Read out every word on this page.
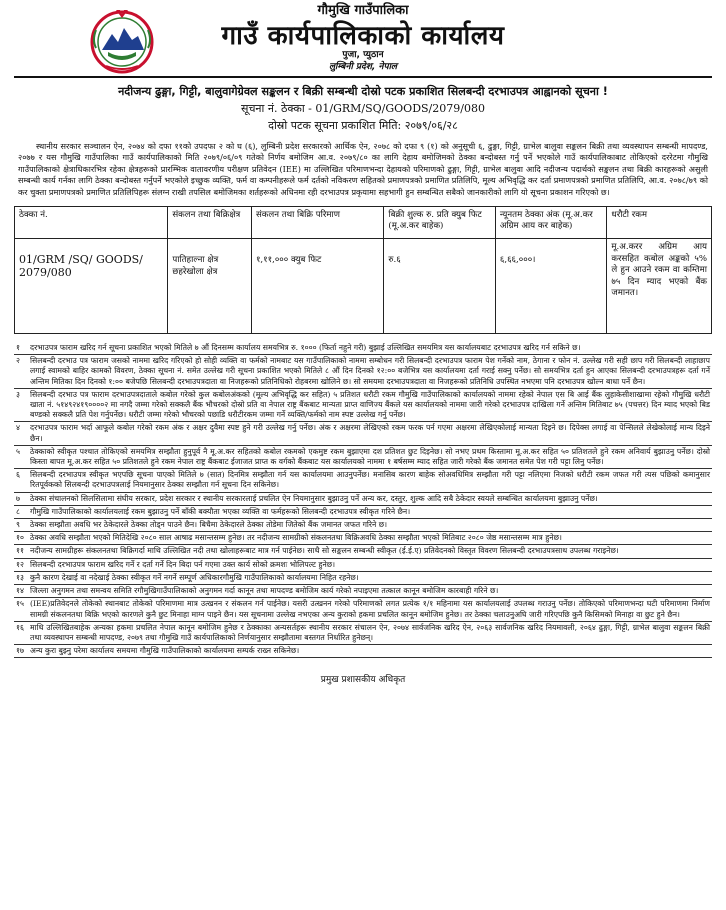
गौमुखि गाउँपालिका
गाउँ कार्यपालिकाको कार्यालय
पुजा, प्युठान
लुम्बिनी प्रदेश, नेपाल
नदीजन्य ढुङ्गा, गिट्टी, बालुवागेग्रेवल सङ्कलन र बिक्री सम्बन्धी दोस्रो पटक प्रकाशित सिलबन्दी दरभाउपत्र आह्वानको सूचना !
सूचना नं. ठेक्का - 01/GRM/SQ/GOODS/2079/080
दोस्रो पटक सूचना प्रकाशित मिति: २०७९/०६/२८

स्थानीय सरकार सञ्चालन ऐन, २०७४ को दफा ११को उपदफा २ को घ (६), लुम्बिनी प्रदेश सरकारको आर्थिक ऐन, २०७८ को दफा ९ (१) को अनुसूची ६, ढुङ्गा, गिट्टी, ग्राभेल बालुवा सङ्कलन बिक्री तथा व्यवस्थापन सम्बन्धी मापदण्ड, २०७७ र यस गौमुखि गाउँपालिका गाउँ कार्यपालिकाको मिति २०७९/०६/०९ गतेको निर्णय बमोजिम आ.व. २०७९/८० का लागि देहाय बमोजिमको ठेक्का बन्दोबस्त गर्नु पर्ने भएकोले गाउँ कार्यपालिकाबाट तोकिएको दररेटमा गौमुखि गाउँपालिकाको क्षेत्राधिकारभित्र रहेका क्षेत्रहरूको प्रारम्भिक वातावरणीय परीक्षण प्रतिवेदन (IEE) मा उल्लिखित परिमाणभन्दा देहायको परिमाणको ढुङ्गा, गिट्टी, ग्राभेल बालुवा आदि नदीजन्य पदार्थको सङ्कलन तथा बिक्री कारहरूको असुली सम्बन्धी कार्य गर्नका लागि ठेक्का बन्दोबस्त गर्नुपर्ने भएकोले इच्छुक व्यक्ति, फर्म वा कम्पनीहरूले फर्म दर्तको नविकरण सहितको प्रमाणपत्रको प्रमाणित प्रतिलिपि, मूल्य अभिवृद्धि कर दर्ता प्रमाणपत्रको प्रमाणित प्रतिलिपि, आ.व. २०७८/७९ को कर चुक्ता प्रमाणपत्रको प्रमाणित प्रतिलिपिहरू संलग्न राखी तपसिल बमोजिमका शर्तहरूको अधिनमा रही दरभाउपत्र प्रकृयामा सहभागी हुन सम्बन्धित सबैको जानकारीको लागि यो सूचना प्रकाशन गरिएको छ।

ठेक्का नं.	संकलन तथा बिक्रिक्षेत्र	संकलन तथा बिक्रि परिमाण	बिक्री शुल्क रु. प्रति क्युब फिट (मू.अ.कर बाहेक)	न्यूनतम ठेक्का अंक (मू.अ.कर अग्रिम आय कर बाहेक)	धरौटी रकम
01/GRM /SQ/ GOODS/ 2079/080	पातिहाल्ना क्षेत्र छहरेखोला क्षेत्र	१,११,००० क्युब फिट	रु.६	६,६६,०००।	मू.अ.करर अग्रिम आय करसहित कबोल अङ्कको ५% ले हुन आउने रकम वा कम्तिमा ७५ दिन म्याद भएको बैंक जमानत।
१	दरभाउपत्र फाराम खरिद गर्न सूचना प्रकाशित भएको मितिले ७ औं दिनसम्म कार्यालय समयभित्र रु. १००० (फिर्ता नहुने गरी) बुझाई उल्लिखित समयमित्र यस कार्यालयबाट दरभाउपत्र खरिद गर्न सकिने छ।
२	सिलबन्दी दरभाउ पत्र फाराम जसको नाममा खरिद गरिएको हो सोही व्यक्ति वा फर्मको नामबाट यस गाउँपालिकाको नाममा सम्बोधन गरी सिलबन्दी दरभाउपत्र फाराम पेश गर्नेको नाम, ठेगाना र फोन नं. उल्लेख गरी सही छाप गरी सिलबन्दी लाहाछाप लगाई स्वामको बाहिर कामको विवरण, ठेक्का सूचना नं. समेत उल्लेख गरी सूचना प्रकाशित भएको मितिले ८ औं दिन दिनको १२:०० बजेभित्र यस कार्यालयमा दर्ता गराई सक्नु पर्नेछ। सो समयभित्र दर्ता हुन आएका सिलबन्दी दरभाउपत्रहरू दर्ता गर्ने अन्तिम मितिका दिन दिनको १:०० बजेपछि सिलबन्दी दरभाउपत्रदाता वा निजहरूको प्रतिनिधिको रोहबरमा खोलिने छ। सो समयमा दरभाउपत्रदाता वा निजहरूको प्रतिनिधि उपस्थित नभएमा पनि दरभाउपत्र खोल्न बाधा पर्ने छैन।
३	सिलबन्दी दरभाउ पत्र फाराम दरभाउपत्रदाताले कबोल गरेको कुल कबोलअंकको (मूल्य अभिवृद्धि कर सहित) ५ प्रतिशत धरौटी रकम गौमुखि गाउँपालिकाको कार्यालयको नाममा रहेको नेपाल एस बि आई बैंक लुहाकेसीशाखामा रहेको गौमुखि धरौटी खाता नं. ५१४९२४१९००००२ मा नगदै जम्मा गरेको सक्कलै बैंक भौचरको दोस्रो प्रति वा नेपाल राष्ट्र बैंकबाट मान्यता प्राप्त वाणिज्य बैंकले यस कार्यालयको नाममा जारी गरेको दरभाउपत्र दाखिला गर्ने अन्तिम मितिबाट ७५ (पचत्तर) दिन म्याद भएको बिड बण्डको सक्कलै प्रति पेश गर्नुपर्नेछ। धरौटी जम्मा गरेको भौचरको पछाडि धरौटीरकम जम्मा गर्ने व्यक्ति/फर्मको नाम स्पष्ट उल्लेख गर्नु पर्नेछ।
४	दरभाउपत्र फाराम भर्दा आफूले कबोल गरेको रकम अंक र अक्षर दुवैमा स्पष्ट हुने गरी उल्लेख गर्नु पर्नेछ। अंक र अक्षरमा लेखिएको रकम फरक पर्न गएमा अक्षरमा लेखिएकोलाई मान्यता दिइने छ। दिपेक्स लगाई वा पेन्सिलले लेखेकोलाई मान्य दिइने छैन।
५	ठेक्काको स्वीकृत पश्चात तोकिएको समयमित्र सम्झौता हुनुपूर्व नै मू.अ.कर सहितको कबोल रकमको एकमुष्ट रकम बुझाएमा दश प्रतिशत छुट दिइनेछ। सो नभए प्रथम किस्तामा मू.अ.कर सहित ५० प्रतिशतले हुने रकम अनिवार्य बुझाउनु पर्नेछ। दोस्रो किस्ता बापत मू.अ.कर सहित ५० प्रतिशतले हुने रकम नेपाल राष्ट्र बैंकबाट ईजाजत प्राप्त क वर्गको बैंकबाट यस कार्यालयको नाममा १ बर्षसम्म म्याद सहित जारी गरेको बैंक जमानत समेत पेश गरी पट्टा लिनु पर्नेछ।
६	सिलबन्दी दरभाउपत्र स्वीकृत भएपछि सूचना पाएको मितिले ७ (सात) दिनमित्र सम्झौता गर्न यस कार्यालयमा आउनुपर्नेछ। मनासिब कारण बाहेक सोअवधिमित्र सम्झौता गरी पट्टा नलिएमा निजको धरौटी रकम जफत गरी त्यस पछिको कमानुसार रितपूर्वकको सिलबन्दी दरभाउपत्रलाई नियमानुसार ठेक्का सम्झौता गर्न सूचना दिन सकिनेछ।
७	ठेक्का संचालनको सिलसिलामा संघीय सरकार, प्रदेश सरकार र स्थानीय सरकारलाई प्रचलित ऐन नियमानुसार बुझाउनु पर्ने अन्य कर, दस्तुर, शुल्क आदि सबै ठेकेदार स्वयले सम्बन्धित कार्यालयमा बुझाउनु पर्नेछ।
८	गौमुखि गाउँपालिकाको कार्यालयलाई रकम बुझाउनु पर्ने बाँकी बक्यौता भएका व्यक्ति वा फर्महरूको सिलबन्दी दरभाउपत्र स्वीकृत गरिने छैन।
९	ठेक्का सम्झौता अवधि भर ठेकेदारले ठेक्का तोड्न पाउने छैन। बिचैमा ठेकेदारले ठेक्का तोडेमा जितेको बैंक जमानत जफत गरिने छ।
१० ठेक्का अवधि सम्झौता भएको मितिदेखि २०८० साल आषाढ मसान्तसम्म हुनेछ। तर नदीजन्य सामग्रीको संकलनतथा बिक्रिअवधि ठेक्का सम्झौता भएको मितिबाट २०८० जेष्ठ मसान्तसम्म मात्र हुनेछ।
११ नदीजन्य सामग्रीहरू संकलनतथा बिक्रिगर्दा माथि उल्लिखित नदी तथा खोलाहरूबाट मात्र गर्न पाईनेछ। साथै सो सङ्कलन सम्बन्धी स्वीकृत (ई.ई.ए) प्रतिवेदनको विस्तृत विवरण सिलबन्दी दरभाउपत्रसाथ उपलब्ध गराइनेछ।
१२ सिलबन्दी दरभाउपत्र फाराम खरिद गर्ने र दर्ता गर्ने दिन बिदा पर्न गएमा उक्त कार्य सोको क्रमशः भोलिपल्ट हुनेछ।
१३ कुनै कारण देखाई वा नदेखाई ठेक्का स्वीकृत गर्ने नगर्ने सम्पूर्ण अधिकारगौमुखि गाउँपालिकाको कार्यालयमा निहित रहनेछ।
१४ जिल्ला अनुगमन तथा समन्वय समिति रगौमुखिगाउँपालिकाको अनुगमन गर्दा कानून तथा मापदण्ड बमोजिम कार्य गरेको नपाइएमा तत्काल कानून बमोजिम कारबाही गरिने छ।
१५ (IEE)प्रतिवेदनले तोकेको स्थानबाट तोकेको परिमाणमा मात्र उत्खनन र संकलन गर्न पाईनेछ। यसरी उत्खनन गरेको परिमाणको लगत प्रत्येक १/१ महिनामा यस कार्यालयलाई उपलब्ध गराउनु पर्नेछ। तोकिएको परिमाणभन्दा घटी परिमाणमा निर्माण सामग्री संकलनतथा बिक्रि भएको कारणले कुनै छुट मिनाहा माग्न पाइने छैन। यस सूचनामा उल्लेख नभएका अन्य कुराको हकमा प्रचलित कानून बमोजिम हुनेछ। तर ठेक्का चलाउनुअघि जारी गरिएपछि कुनै किसिमको मिनाहा वा छुट हुने छैन।
१६ माथि उल्लिखितबाहेक अन्यका हकमा प्रचलित नेपाल कानून बमोजिम हुनेछ र ठेक्काका अन्यसर्तहरू स्थानीय सरकार संचालन ऐन, २०७४ सार्वजनिक खरिद ऐन, २०६३ सार्वजनिक खरिद नियमावली, २०६४ ढुङ्गा, गिट्टी, ग्राभेल बालुवा सङ्कलन बिक्री तथा व्यवस्थापन सम्बन्धी मापदण्ड, २०७९ तथा गौमुखि गाउँ कार्यपालिकाको निर्णयानुसार सम्झौतामा बस्तगत निर्धारित हुनेछन्।
१७ अन्य कुरा बुझ्नु परेमा कार्यालय समयमा गौमुखि गाउँपालिकाको कार्यालयमा सम्पर्क राख्न सकिनेछ।
प्रमुख प्रशासकीय अधिकृत
